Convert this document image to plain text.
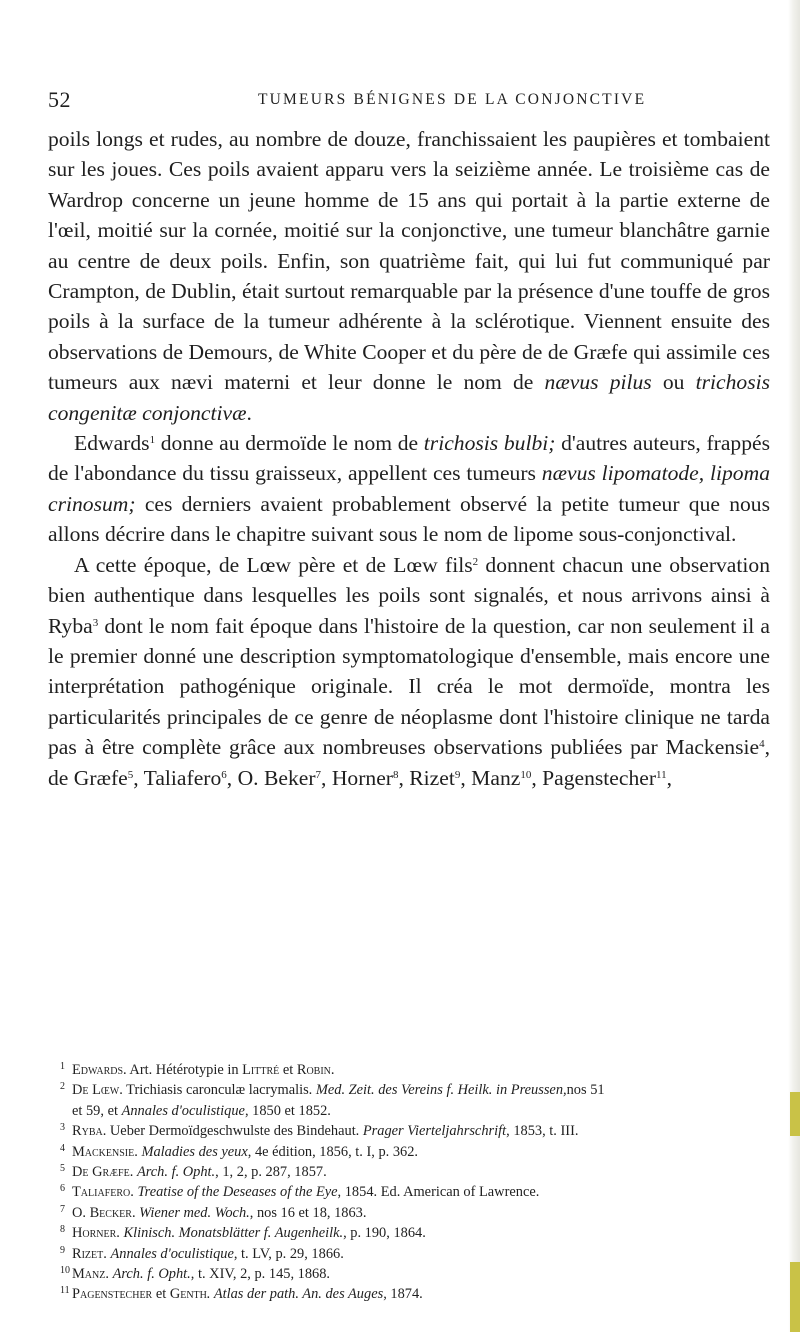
52	TUMEURS BÉNIGNES DE LA CONJONCTIVE

poils longs et rudes, au nombre de douze, franchissaient les paupières et tombaient sur les joues. Ces poils avaient apparu vers la seizième année. Le troisième cas de Wardrop concerne un jeune homme de 15 ans qui portait à la partie externe de l'œil, moitié sur la cornée, moitié sur la conjonctive, une tumeur blanchâtre garnie au centre de deux poils. Enfin, son quatrième fait, qui lui fut communiqué par Crampton, de Dublin, était surtout remarquable par la présence d'une touffe de gros poils à la surface de la tumeur adhérente à la sclérotique. Viennent ensuite des observations de Demours, de White Cooper et du père de de Græfe qui assimile ces tumeurs aux nævi materni et leur donne le nom de nævus pilus ou trichosis congenitæ conjonctivæ.

Edwards$^1$ donne au dermoïde le nom de trichosis bulbi; d'autres auteurs, frappés de l'abondance du tissu graisseux, appellent ces tumeurs nævus lipomatode, lipoma crinosum; ces derniers avaient probablement observé la petite tumeur que nous allons décrire dans le chapitre suivant sous le nom de lipome sous-conjonctival.

A cette époque, de Lœw père et de Lœw fils$^2$ donnent chacun une observation bien authentique dans lesquelles les poils sont signalés, et nous arrivons ainsi à Ryba$^3$ dont le nom fait époque dans l'histoire de la question, car non seulement il a le premier donné une description symptomatologique d'ensemble, mais encore une interprétation pathogénique originale. Il créa le mot dermoïde, montra les particularités principales de ce genre de néoplasme dont l'histoire clinique ne tarda pas à être complète grâce aux nombreuses observations publiées par Mackensie$^4$, de Græfe$^5$, Taliafero$^6$, O. Beker$^7$, Horner$^8$, Rizet$^9$, Manz$^{10}$, Pagenstecher$^{11}$,

1 Edwards. Art. Hétérotypie in Littré et Robin.
2 De Lœw. Trichiasis caronculæ lacrymalis. Med. Zeit. des Vereins f. Heilk. in Preussen,nos 51
et 59, et Annales d'oculistique, 1850 et 1852.
3 Ryba. Ueber Dermoïdgeschwulste des Bindehaut. Prager Vierteljahrschrift, 1853, t. III.
4 Mackensie. Maladies des yeux, 4e édition, 1856, t. I, p. 362.
5 De Græfe. Arch. f. Opht., 1, 2, p. 287, 1857.
6 Taliafero. Treatise of the Deseases of the Eye, 1854. Ed. American of Lawrence.
7 O. Becker. Wiener med. Woch., nos 16 et 18, 1863.
8 Horner. Klinisch. Monatsblätter f. Augenheilk., p. 190, 1864.
9 Rizet. Annales d'oculistique, t. LV, p. 29, 1866.
10 Manz. Arch. f. Opht., t. XIV, 2, p. 145, 1868.
11 Pagenstecher et Genth. Atlas der path. An. des Auges, 1874.
